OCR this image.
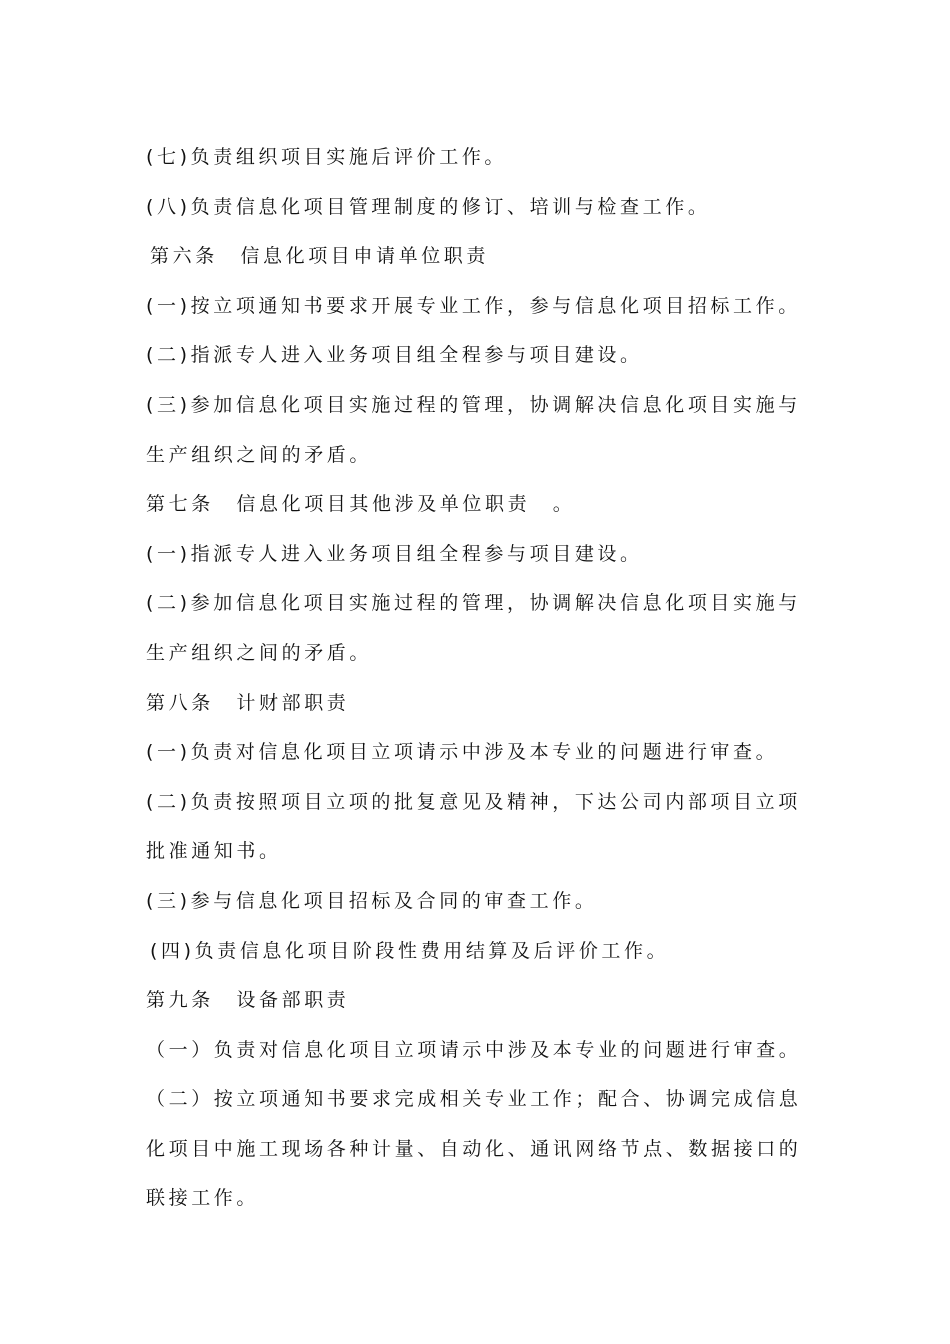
(七)负责组织项目实施后评价工作。

(八)负责信息化项目管理制度的修订、培训与检查工作。

第六条　信息化项目申请单位职责

(一)按立项通知书要求开展专业工作，参与信息化项目招标工作。

(二)指派专人进入业务项目组全程参与项目建设。

(三)参加信息化项目实施过程的管理，协调解决信息化项目实施与

生产组织之间的矛盾。

第七条　信息化项目其他涉及单位职责　。

(一)指派专人进入业务项目组全程参与项目建设。

(二)参加信息化项目实施过程的管理，协调解决信息化项目实施与

生产组织之间的矛盾。

第八条　计财部职责

(一)负责对信息化项目立项请示中涉及本专业的问题进行审查。

(二)负责按照项目立项的批复意见及精神，下达公司内部项目立项

批准通知书。

(三)参与信息化项目招标及合同的审查工作。

(四)负责信息化项目阶段性费用结算及后评价工作。

第九条　设备部职责

（一）负责对信息化项目立项请示中涉及本专业的问题进行审查。

（二）按立项通知书要求完成相关专业工作；配合、协调完成信息

化项目中施工现场各种计量、自动化、通讯网络节点、数据接口的

联接工作。
